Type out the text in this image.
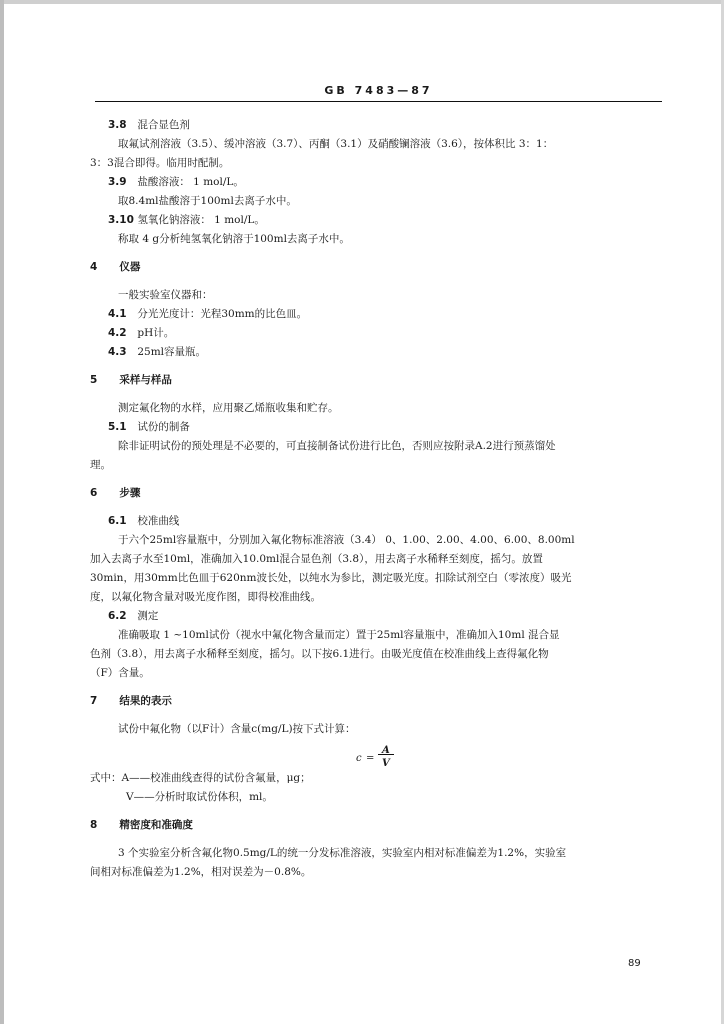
GB 7483—87
3.8 混合显色剂
取氟试剂溶液（3.5）、缓冲溶液（3.7）、丙酮（3.1）及硝酸镧溶液（3.6），按体积比 3：1：
3：3混合即得。临用时配制。
3.9 盐酸溶液： 1 mol/L。
取8.4ml盐酸溶于100ml去离子水中。
3.10 氢氧化钠溶液： 1 mol/L。
称取 4 g分析纯氢氧化钠溶于100ml去离子水中。
4 仪器
一般实验室仪器和：
4.1 分光光度计：光程30mm的比色皿。
4.2 pH计。
4.3 25ml容量瓶。
5 采样与样品
测定氟化物的水样，应用聚乙烯瓶收集和贮存。
5.1 试份的制备
除非证明试份的预处理是不必要的，可直接制备试份进行比色，否则应按附录A.2进行预蒸馏处
理。
6 步骤
6.1 校准曲线
于六个25ml容量瓶中，分别加入氟化物标准溶液（3.4） 0、1.00、2.00、4.00、6.00、8.00ml
加入去离子水至10ml，准确加入10.0ml混合显色剂（3.8），用去离子水稀释至刻度，摇匀。放置
30min，用30mm比色皿于620nm波长处，以纯水为参比，测定吸光度。扣除试剂空白（零浓度）吸光
度，以氟化物含量对吸光度作图，即得校准曲线。
6.2 测定
准确吸取 1 ~10ml试份（视水中氟化物含量而定）置于25ml容量瓶中，准确加入10ml 混合显
色剂（3.8），用去离子水稀释至刻度，摇匀。以下按6.1进行。由吸光度值在校准曲线上查得氟化物
（F）含量。
7 结果的表示
试份中氟化物（以F计）含量c(mg/L)按下式计算：
c =
A
V
式中：A——校准曲线查得的试份含氟量，μg；
V——分析时取试份体积，ml。
8 精密度和准确度
3 个实验室分析含氟化物0.5mg/L的统一分发标准溶液，实验室内相对标准偏差为1.2%，实验室
间相对标准偏差为1.2%，相对误差为－0.8%。
89
